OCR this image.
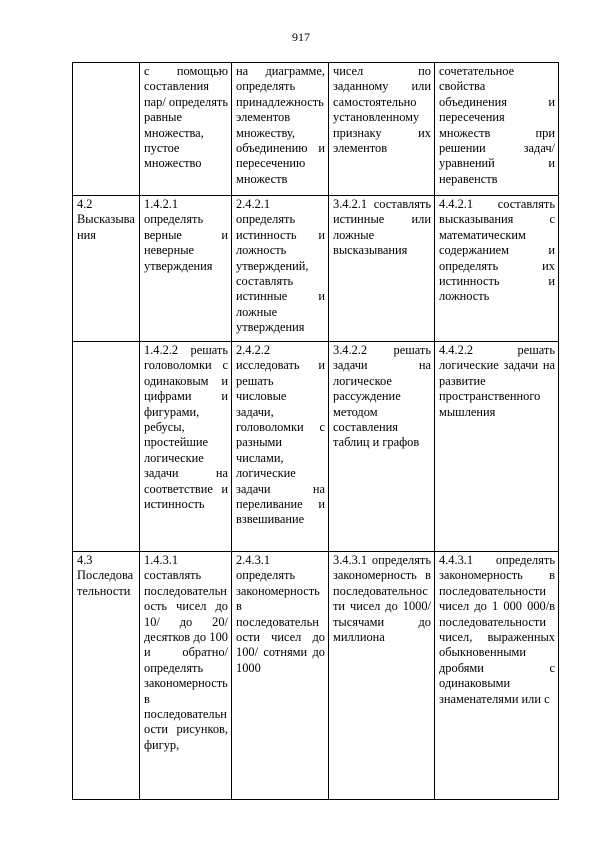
917

	с помощью составления пар/ определять равные множества, пустое множество	на диаграмме, определять принадлежность элементов множеству, объединению и пересечению множеств	чисел по заданному или самостоятельно установленному признаку их элементов	сочетательное свойства объединения и пересечения множеств при решении задач/ уравнений и неравенств

4.2 Высказывания	1.4.2.1 определять верные и неверные утверждения	2.4.2.1 определять истинность и ложность утверждений, составлять истинные и ложные утверждения	3.4.2.1 составлять истинные или ложные высказывания	4.4.2.1 составлять высказывания с математическим содержанием и определять их истинность и ложность

	1.4.2.2 решать головоломки с одинаковым и цифрами и фигурами, ребусы, простейшие логические задачи на соответствие и истинность	2.4.2.2 исследовать и решать числовые задачи, головоломки с разными числами, логические задачи на переливание и взвешивание	3.4.2.2 решать задачи на логическое рассуждение методом составления таблиц и графов	4.4.2.2 решать логические задачи на развитие пространственного мышления

4.3 Последовательности	1.4.3.1 составлять последовательность чисел до 10/ до 20/десятков до 100 и обратно/ определять закономерность в последовательности рисунков, фигур,	2.4.3.1 определять закономерность в последовательности чисел до 100/ сотнями до 1000	3.4.3.1 определять закономерность в последовательности чисел до 1000/ тысячами до миллиона	4.4.3.1 определять закономерность в последовательности чисел до 1 000 000/в последовательности чисел, выраженных обыкновенными дробями с одинаковыми знаменателями или с
